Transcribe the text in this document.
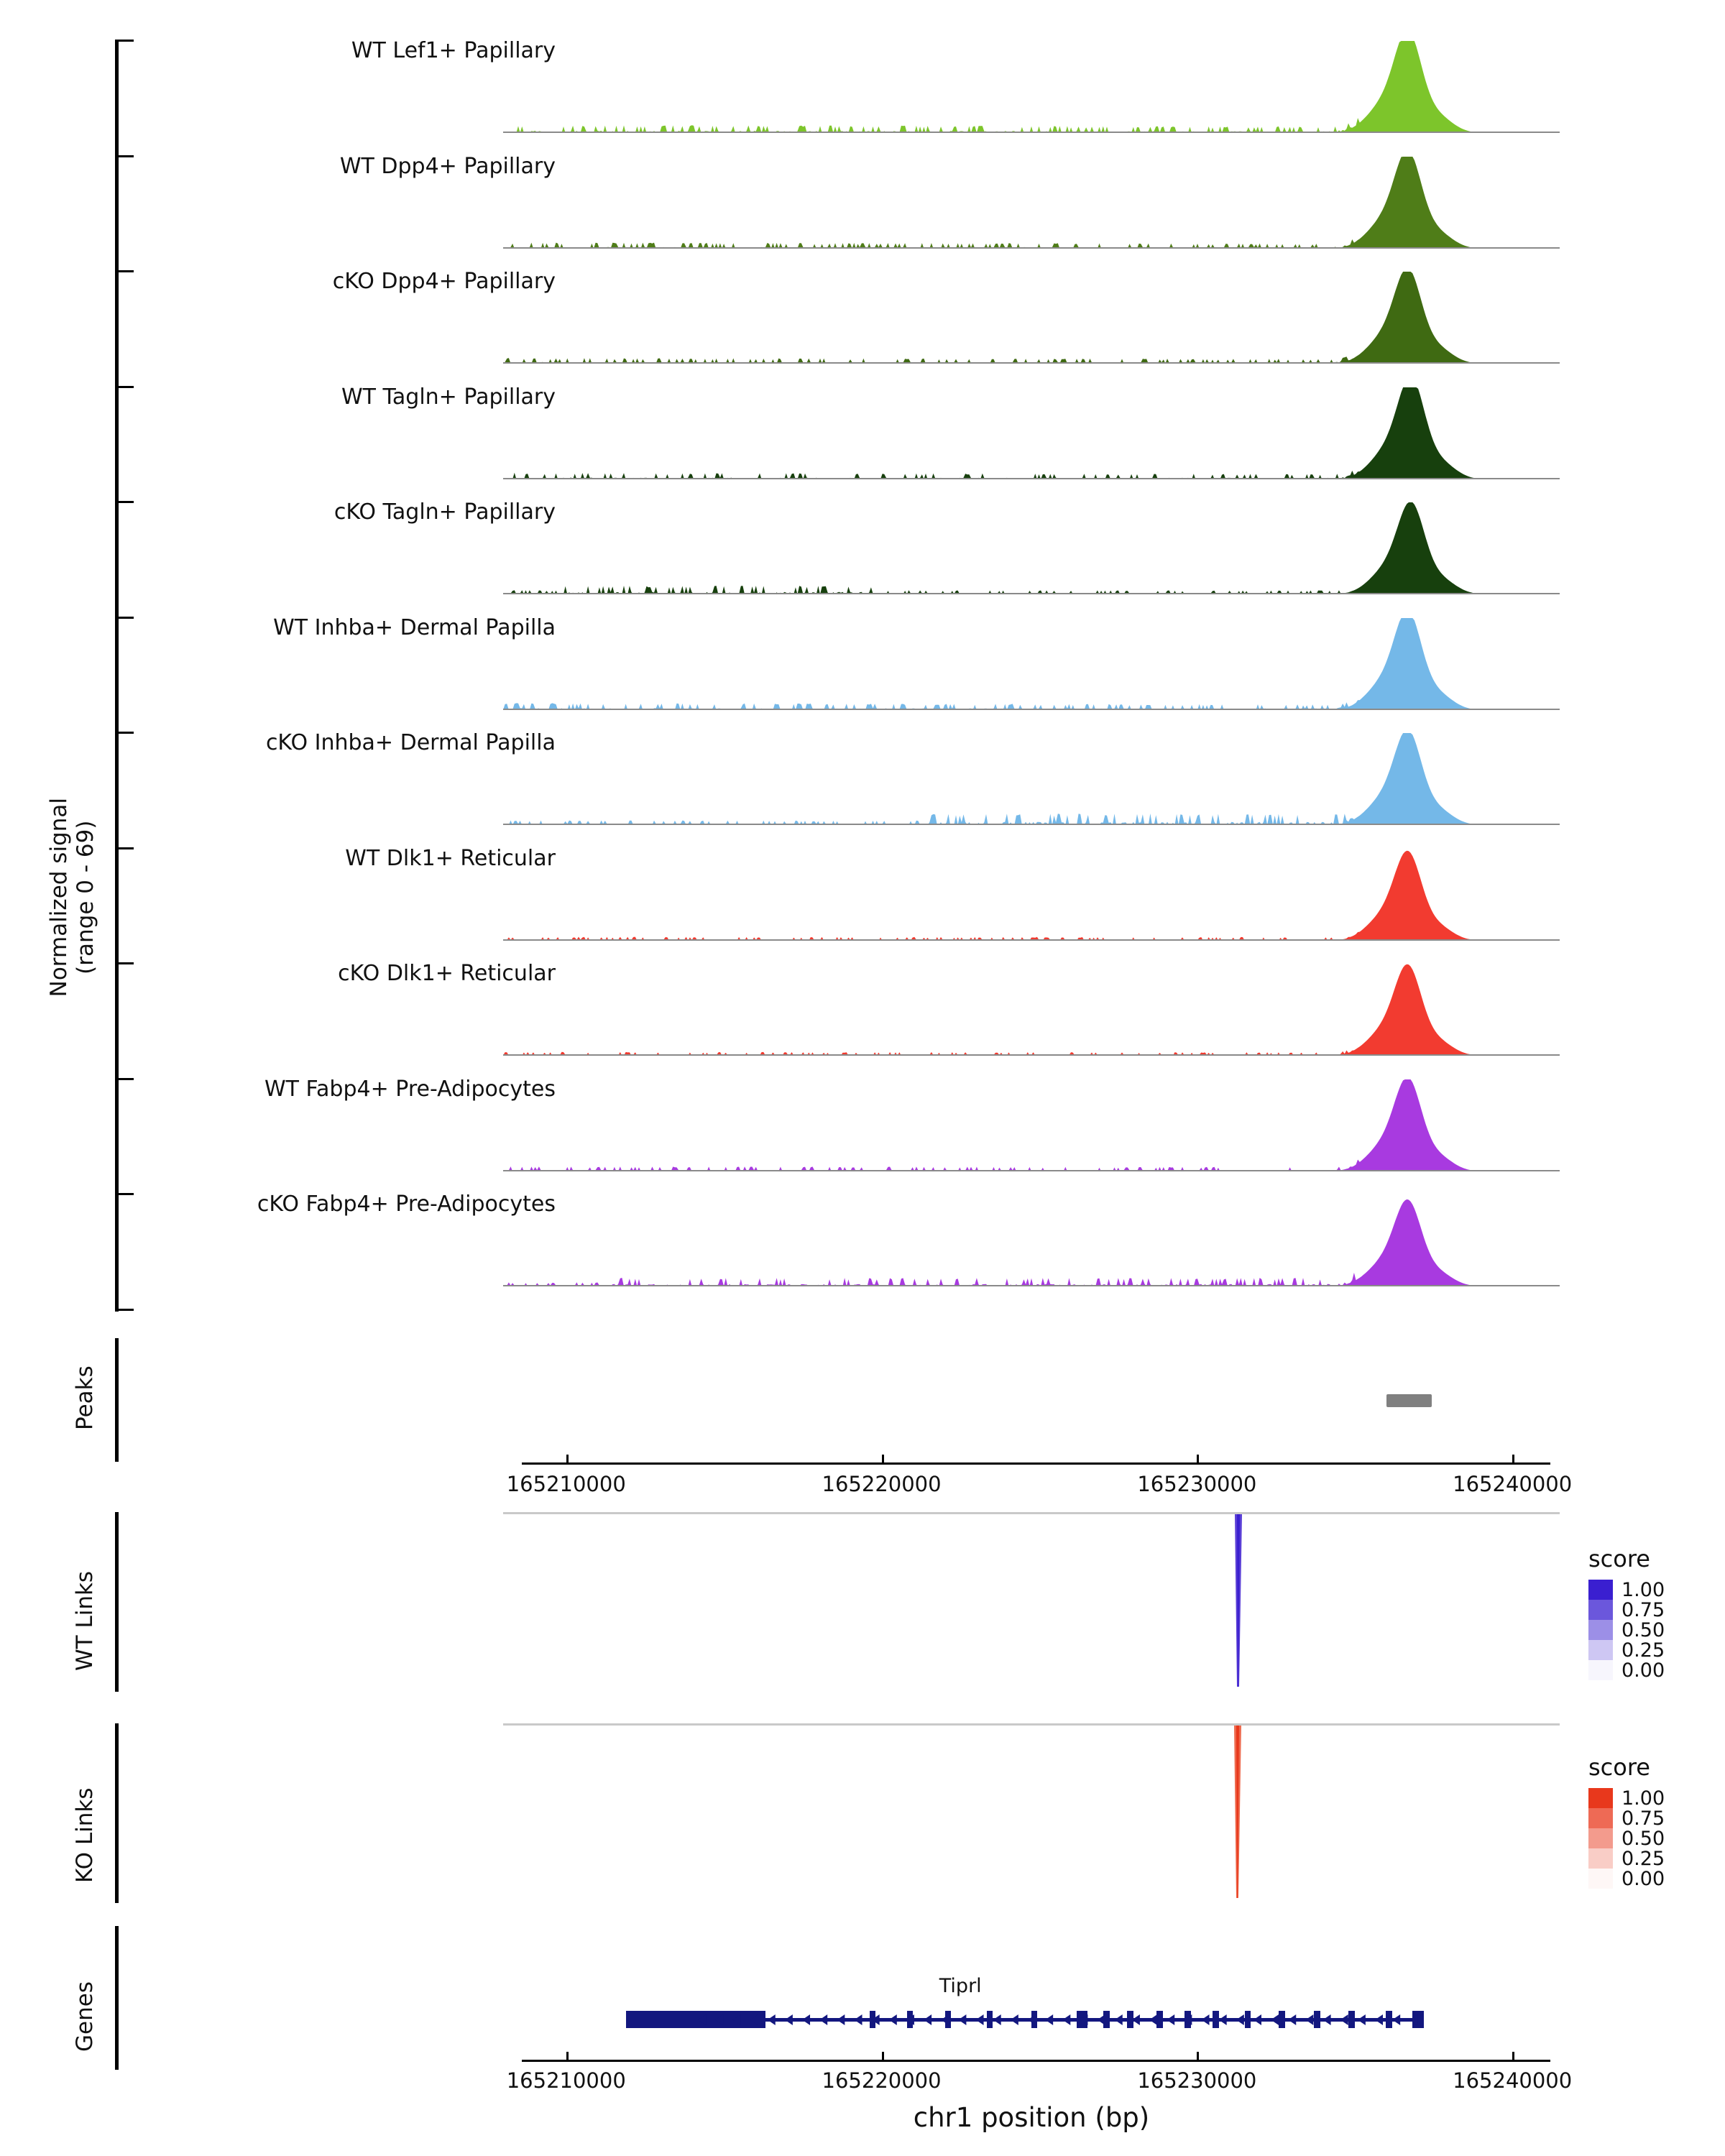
Normalized signal (range 0 - 69)
WT Lef1+ Papillary
WT Dpp4+ Papillary
cKO Dpp4+ Papillary
WT Tagln+ Papillary
cKO Tagln+ Papillary
WT Inhba+ Dermal Papilla
cKO Inhba+ Dermal Papilla
WT Dlk1+ Reticular
cKO Dlk1+ Reticular
WT Fabp4+ Pre-Adipocytes
cKO Fabp4+ Pre-Adipocytes
Peaks
165210000	165220000	165230000	165240000
WT Links
KO Links
Genes	Tiprl
165210000	165220000	165230000	165240000
chr1 position (bp)
score
1.00
0.75
0.50
0.25
0.00
score
1.00
0.75
0.50
0.25
0.00
